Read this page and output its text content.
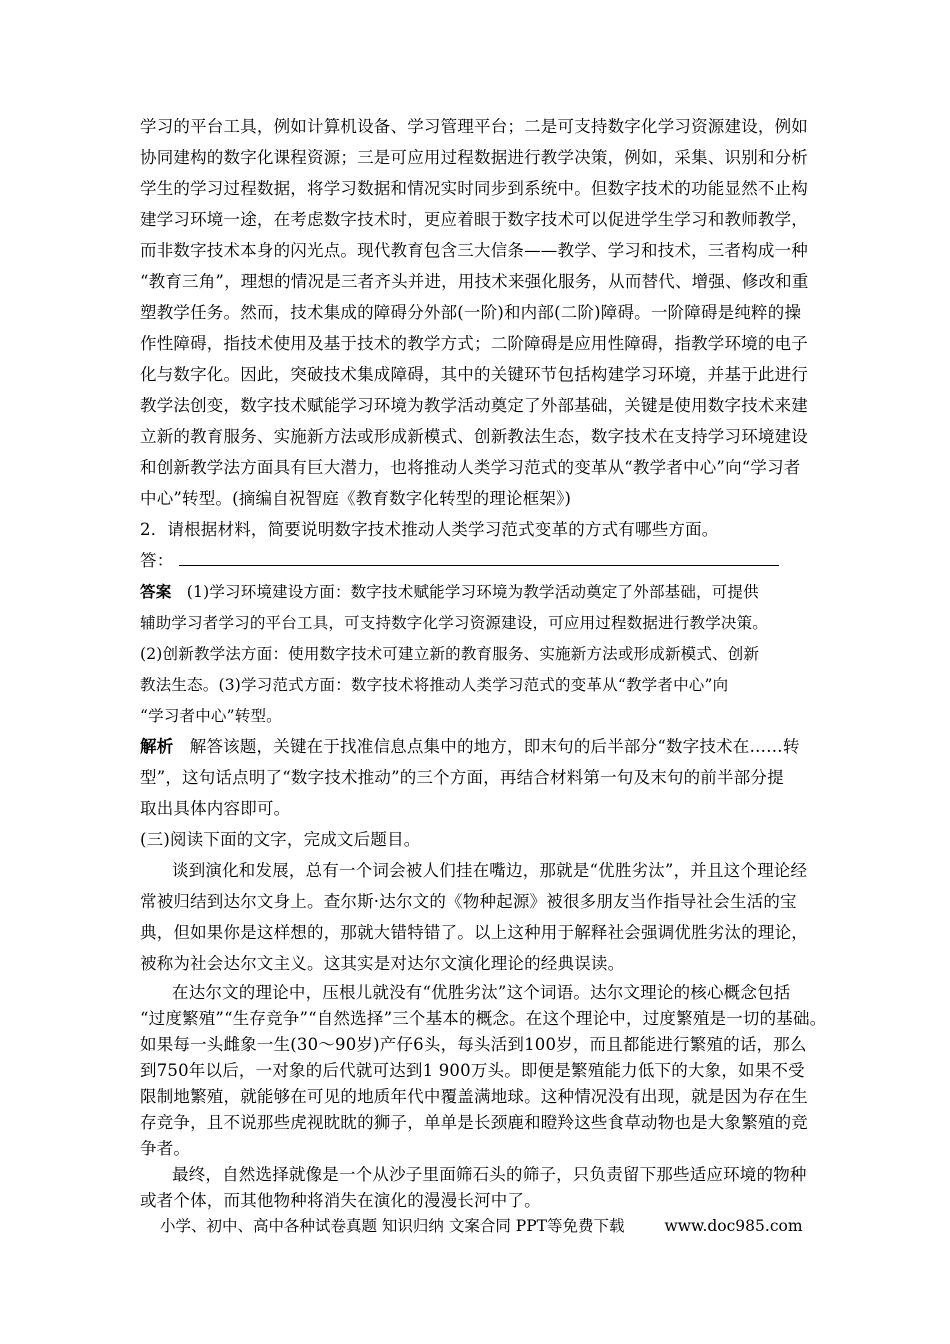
学习的平台工具，例如计算机设备、学习管理平台；二是可支持数字化学习资源建设，例如
协同建构的数字化课程资源；三是可应用过程数据进行教学决策，例如，采集、识别和分析
学生的学习过程数据，将学习数据和情况实时同步到系统中。但数字技术的功能显然不止构
建学习环境一途，在考虑数字技术时，更应着眼于数字技术可以促进学生学习和教师教学，
而非数字技术本身的闪光点。现代教育包含三大信条——教学、学习和技术，三者构成一种
“教育三角”，理想的情况是三者齐头并进，用技术来强化服务，从而替代、增强、修改和重
塑教学任务。然而，技术集成的障碍分外部(一阶)和内部(二阶)障碍。一阶障碍是纯粹的操
作性障碍，指技术使用及基于技术的教学方式；二阶障碍是应用性障碍，指教学环境的电子
化与数字化。因此，突破技术集成障碍，其中的关键环节包括构建学习环境，并基于此进行
教学法创变，数字技术赋能学习环境为教学活动奠定了外部基础，关键是使用数字技术来建
立新的教育服务、实施新方法或形成新模式、创新教法生态，数字技术在支持学习环境建设
和创新教学法方面具有巨大潜力，也将推动人类学习范式的变革从“教学者中心”向“学习者
中心”转型。(摘编自祝智庭《教育数字化转型的理论框架》)
2．请根据材料，简要说明数字技术推动人类学习范式变革的方式有哪些方面。
答：
答案 (1)学习环境建设方面：数字技术赋能学习环境为教学活动奠定了外部基础，可提供
辅助学习者学习的平台工具，可支持数字化学习资源建设，可应用过程数据进行教学决策。
(2)创新教学法方面：使用数字技术可建立新的教育服务、实施新方法或形成新模式、创新
教法生态。(3)学习范式方面：数字技术将推动人类学习范式的变革从“教学者中心”向
“学习者中心”转型。
解析 解答该题，关键在于找准信息点集中的地方，即末句的后半部分“数字技术在……转
型”，这句话点明了“数字技术推动”的三个方面，再结合材料第一句及末句的前半部分提
取出具体内容即可。
(三)阅读下面的文字，完成文后题目。
谈到演化和发展，总有一个词会被人们挂在嘴边，那就是“优胜劣汰”，并且这个理论经
常被归结到达尔文身上。查尔斯·达尔文的《物种起源》被很多朋友当作指导社会生活的宝
典，但如果你是这样想的，那就大错特错了。以上这种用于解释社会强调优胜劣汰的理论，
被称为社会达尔文主义。这其实是对达尔文演化理论的经典误读。
在达尔文的理论中，压根儿就没有“优胜劣汰”这个词语。达尔文理论的核心概念包括
“过度繁殖”“生存竞争”“自然选择”三个基本的概念。在这个理论中，过度繁殖是一切的基础。
如果每一头雌象一生(30～90岁)产仔6头，每头活到100岁，而且都能进行繁殖的话，那么
到750年以后，一对象的后代就可达到1 900万头。即便是繁殖能力低下的大象，如果不受
限制地繁殖，就能够在可见的地质年代中覆盖满地球。这种情况没有出现，就是因为存在生
存竞争，且不说那些虎视眈眈的狮子，单单是长颈鹿和瞪羚这些食草动物也是大象繁殖的竞
争者。
小学、初中、高中各种试卷真题 知识归纳 文案合同 PPT等免费下载	www.doc985.com
最终，自然选择就像是一个从沙子里面筛石头的筛子，只负责留下那些适应环境的物种
或者个体，而其他物种将消失在演化的漫漫长河中了。
